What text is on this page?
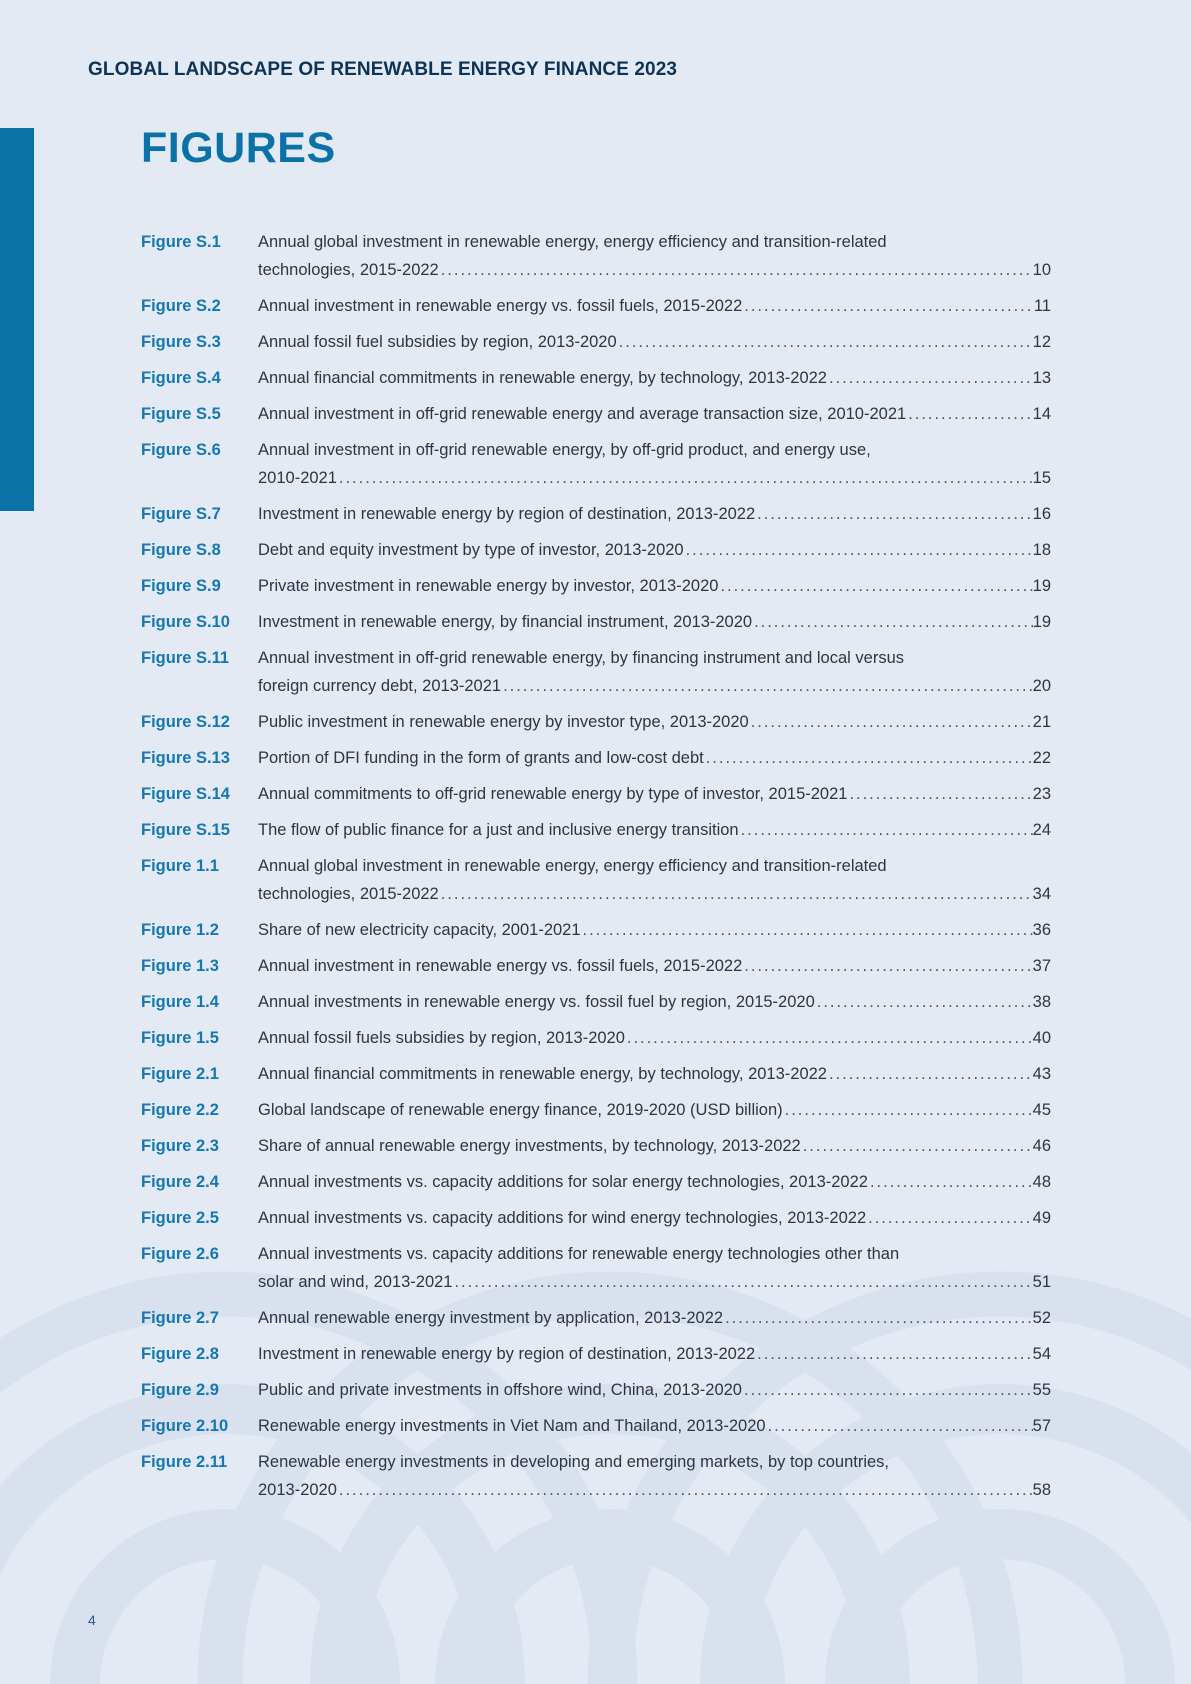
GLOBAL LANDSCAPE OF RENEWABLE ENERGY FINANCE 2023

FIGURES
Figure S.1	Annual global investment in renewable energy, energy efficiency and transition-related
technologies, 2015-2022 . . .	10
Figure S.2	Annual investment in renewable energy vs. fossil fuels, 2015-2022 . . .	11
Figure S.3	Annual fossil fuel subsidies by region, 2013-2020 . . .	12
Figure S.4	Annual financial commitments in renewable energy, by technology, 2013-2022 . . .	13
Figure S.5	Annual investment in off-grid renewable energy and average transaction size, 2010-2021 . . .	14
Figure S.6	Annual investment in off-grid renewable energy, by off-grid product, and energy use,
2010-2021 . . .	15
Figure S.7	Investment in renewable energy by region of destination, 2013-2022 . . .	16
Figure S.8	Debt and equity investment by type of investor, 2013-2020 . . .	18
Figure S.9	Private investment in renewable energy by investor, 2013-2020 . . .	19
Figure S.10	Investment in renewable energy, by financial instrument, 2013-2020 . . .	19
Figure S.11	Annual investment in off-grid renewable energy, by financing instrument and local versus
foreign currency debt, 2013-2021 . . .	20
Figure S.12	Public investment in renewable energy by investor type, 2013-2020 . . .	21
Figure S.13	Portion of DFI funding in the form of grants and low-cost debt . . .	22
Figure S.14	Annual commitments to off-grid renewable energy by type of investor, 2015-2021 . . .	23
Figure S.15	The flow of public finance for a just and inclusive energy transition . . .	24
Figure 1.1	Annual global investment in renewable energy, energy efficiency and transition-related
technologies, 2015-2022 . . .	34
Figure 1.2	Share of new electricity capacity, 2001-2021 . . .	36
Figure 1.3	Annual investment in renewable energy vs. fossil fuels, 2015-2022 . . .	37
Figure 1.4	Annual investments in renewable energy vs. fossil fuel by region, 2015-2020 . . .	38
Figure 1.5	Annual fossil fuels subsidies by region, 2013-2020 . . .	40
Figure 2.1	Annual financial commitments in renewable energy, by technology, 2013-2022 . . .	43
Figure 2.2	Global landscape of renewable energy finance, 2019-2020 (USD billion) . . .	45
Figure 2.3	Share of annual renewable energy investments, by technology, 2013-2022 . . .	46
Figure 2.4	Annual investments vs. capacity additions for solar energy technologies, 2013-2022 . . .	48
Figure 2.5	Annual investments vs. capacity additions for wind energy technologies, 2013-2022 . . .	49
Figure 2.6	Annual investments vs. capacity additions for renewable energy technologies other than
solar and wind, 2013-2021 . . .	51
Figure 2.7	Annual renewable energy investment by application, 2013-2022 . . .	52
Figure 2.8	Investment in renewable energy by region of destination, 2013-2022 . . .	54
Figure 2.9	Public and private investments in offshore wind, China, 2013-2020 . . .	55
Figure 2.10	Renewable energy investments in Viet Nam and Thailand, 2013-2020 . . .	57
Figure 2.11	Renewable energy investments in developing and emerging markets, by top countries,
2013-2020 . . .	58
4
